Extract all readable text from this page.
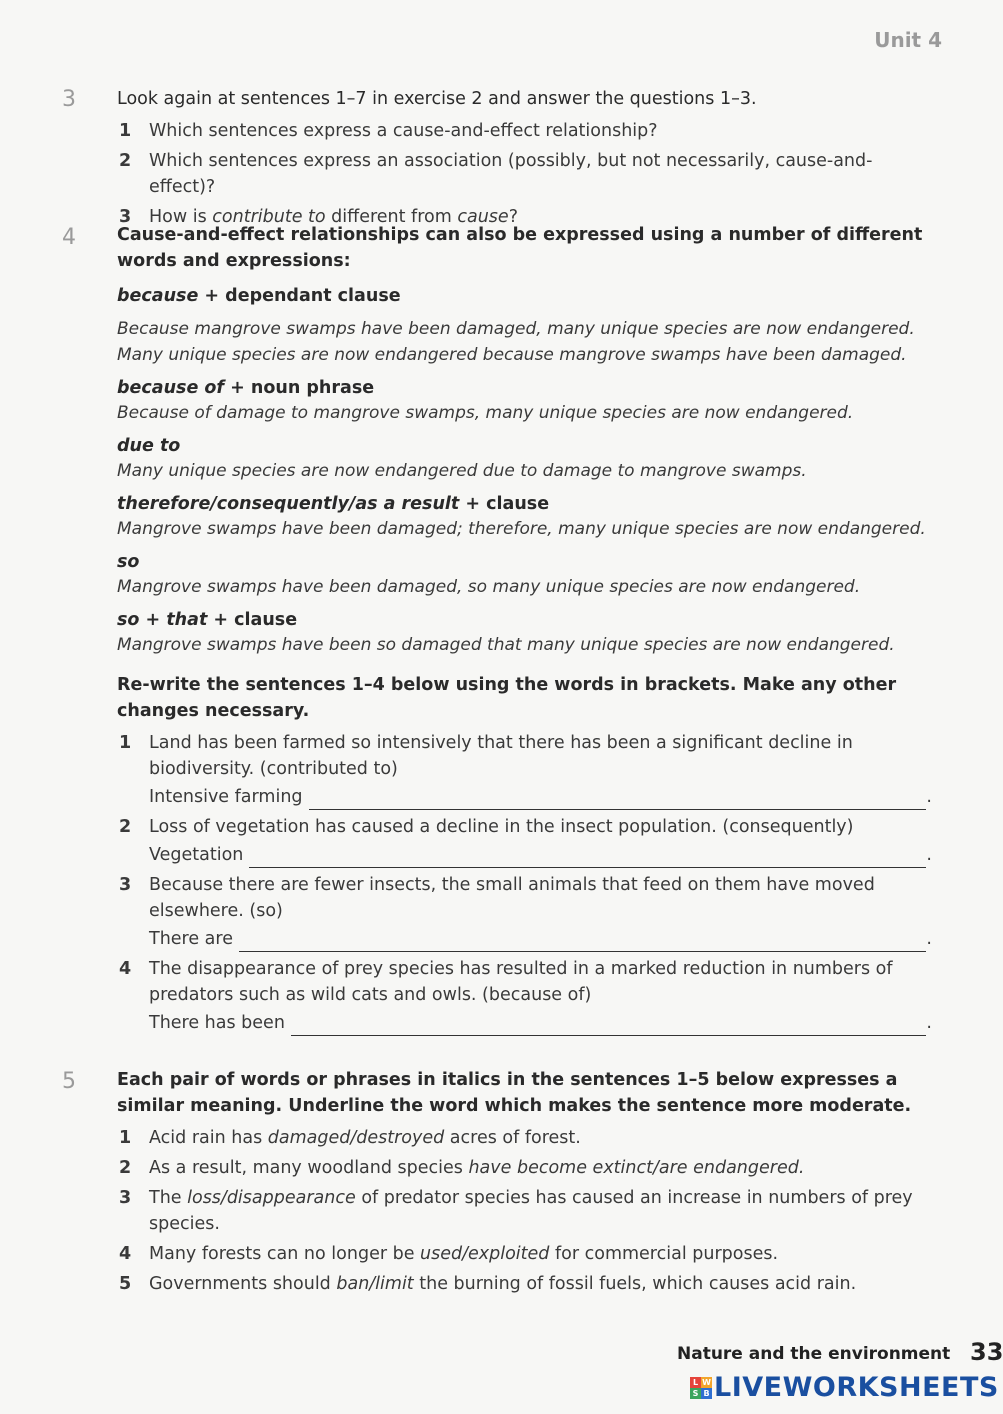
Unit 4
3 Look again at sentences 1–7 in exercise 2 and answer the questions 1–3.
1 Which sentences express a cause-and-effect relationship?
2 Which sentences express an association (possibly, but not necessarily, cause-and-effect)?
3 How is contribute to different from cause?
4 Cause-and-effect relationships can also be expressed using a number of different words and expressions:
because + dependant clause
Because mangrove swamps have been damaged, many unique species are now endangered.
Many unique species are now endangered because mangrove swamps have been damaged.
because of + noun phrase
Because of damage to mangrove swamps, many unique species are now endangered.
due to
Many unique species are now endangered due to damage to mangrove swamps.
therefore/consequently/as a result + clause
Mangrove swamps have been damaged; therefore, many unique species are now endangered.
so
Mangrove swamps have been damaged, so many unique species are now endangered.
so + that + clause
Mangrove swamps have been so damaged that many unique species are now endangered.
Re-write the sentences 1–4 below using the words in brackets. Make any other changes necessary.
1 Land has been farmed so intensively that there has been a significant decline in biodiversity. (contributed to)
Intensive farming	.
2 Loss of vegetation has caused a decline in the insect population. (consequently)
Vegetation	.
3 Because there are fewer insects, the small animals that feed on them have moved elsewhere. (so)
There are	.
4 The disappearance of prey species has resulted in a marked reduction in numbers of predators such as wild cats and owls. (because of)
There has been	.
5 Each pair of words or phrases in italics in the sentences 1–5 below expresses a similar meaning. Underline the word which makes the sentence more moderate.
1 Acid rain has damaged/destroyed acres of forest.
2 As a result, many woodland species have become extinct/are endangered.
3 The loss/disappearance of predator species has caused an increase in numbers of prey species.
4 Many forests can no longer be used/exploited for commercial purposes.
5 Governments should ban/limit the burning of fossil fuels, which causes acid rain.
Nature and the environment 33
L W
S B LIVEWORKSHEETS
